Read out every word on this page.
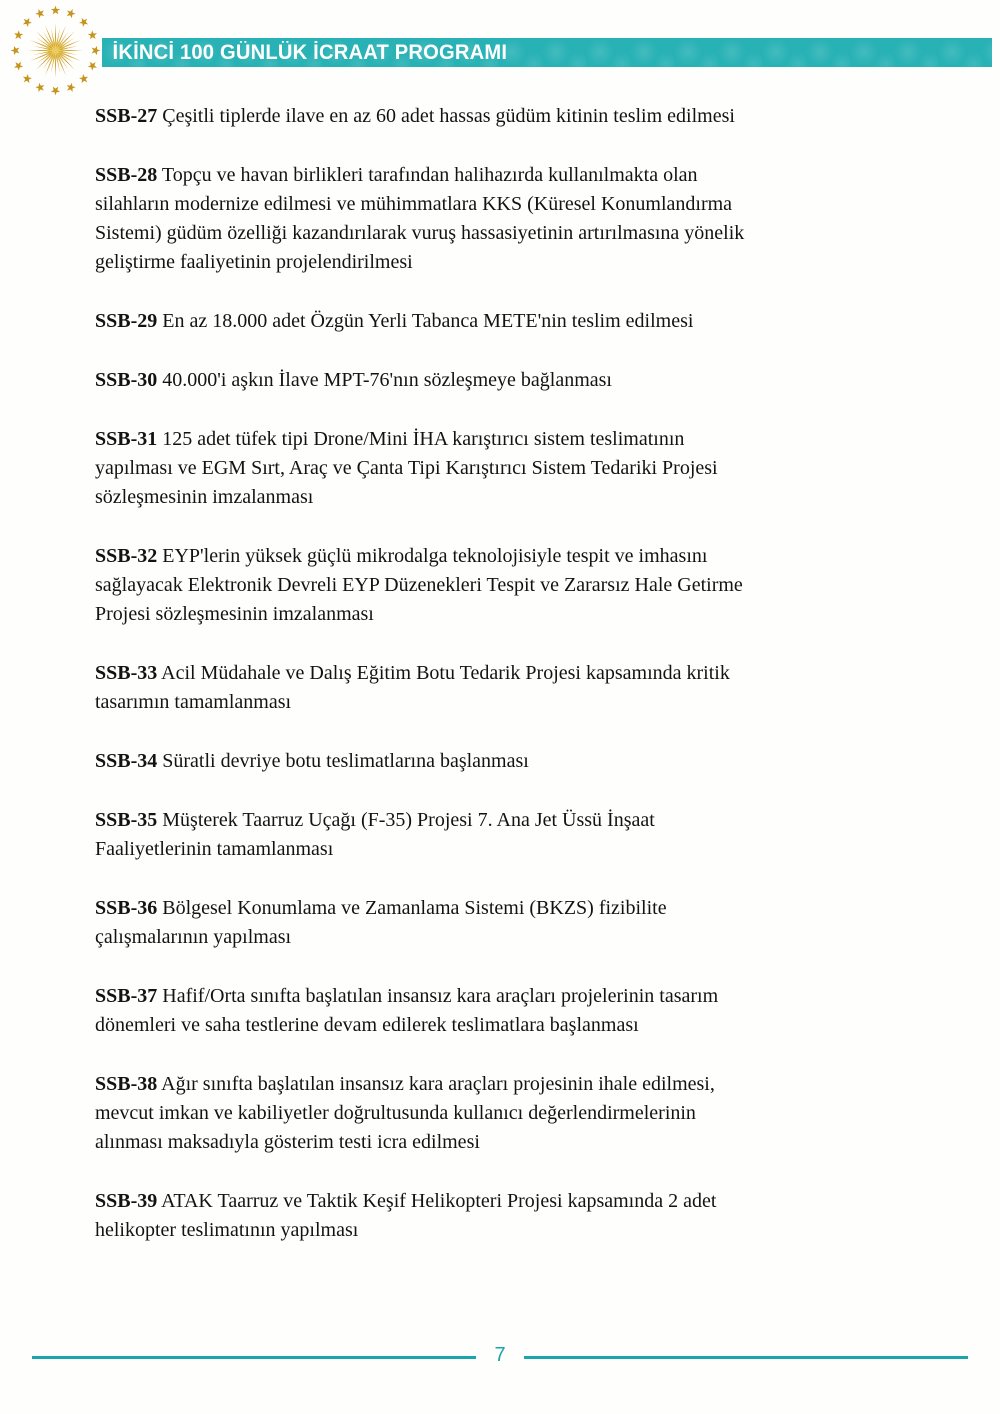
İKİNCİ 100 GÜNLÜK İCRAAT PROGRAMI

SSB-27 Çeşitli tiplerde ilave en az 60 adet hassas güdüm kitinin teslim edilmesi

SSB-28 Topçu ve havan birlikleri tarafından halihazırda kullanılmakta olan
silahların modernize edilmesi ve mühimmatlara KKS (Küresel Konumlandırma
Sistemi) güdüm özelliği kazandırılarak vuruş hassasiyetinin artırılmasına yönelik
geliştirme faaliyetinin projelendirilmesi

SSB-29 En az 18.000 adet Özgün Yerli Tabanca METE'nin teslim edilmesi

SSB-30 40.000'i aşkın İlave MPT-76'nın sözleşmeye bağlanması

SSB-31 125 adet tüfek tipi Drone/Mini İHA karıştırıcı sistem teslimatının
yapılması ve EGM Sırt, Araç ve Çanta Tipi Karıştırıcı Sistem Tedariki Projesi
sözleşmesinin imzalanması

SSB-32 EYP'lerin yüksek güçlü mikrodalga teknolojisiyle tespit ve imhasını
sağlayacak Elektronik Devreli EYP Düzenekleri Tespit ve Zararsız Hale Getirme
Projesi sözleşmesinin imzalanması

SSB-33 Acil Müdahale ve Dalış Eğitim Botu Tedarik Projesi kapsamında kritik
tasarımın tamamlanması

SSB-34 Süratli devriye botu teslimatlarına başlanması

SSB-35 Müşterek Taarruz Uçağı (F-35) Projesi 7. Ana Jet Üssü İnşaat
Faaliyetlerinin tamamlanması

SSB-36 Bölgesel Konumlama ve Zamanlama Sistemi (BKZS) fizibilite
çalışmalarının yapılması

SSB-37 Hafif/Orta sınıfta başlatılan insansız kara araçları projelerinin tasarım
dönemleri ve saha testlerine devam edilerek teslimatlara başlanması

SSB-38 Ağır sınıfta başlatılan insansız kara araçları projesinin ihale edilmesi,
mevcut imkan ve kabiliyetler doğrultusunda kullanıcı değerlendirmelerinin
alınması maksadıyla gösterim testi icra edilmesi

SSB-39 ATAK Taarruz ve Taktik Keşif Helikopteri Projesi kapsamında 2 adet
helikopter teslimatının yapılması

7
